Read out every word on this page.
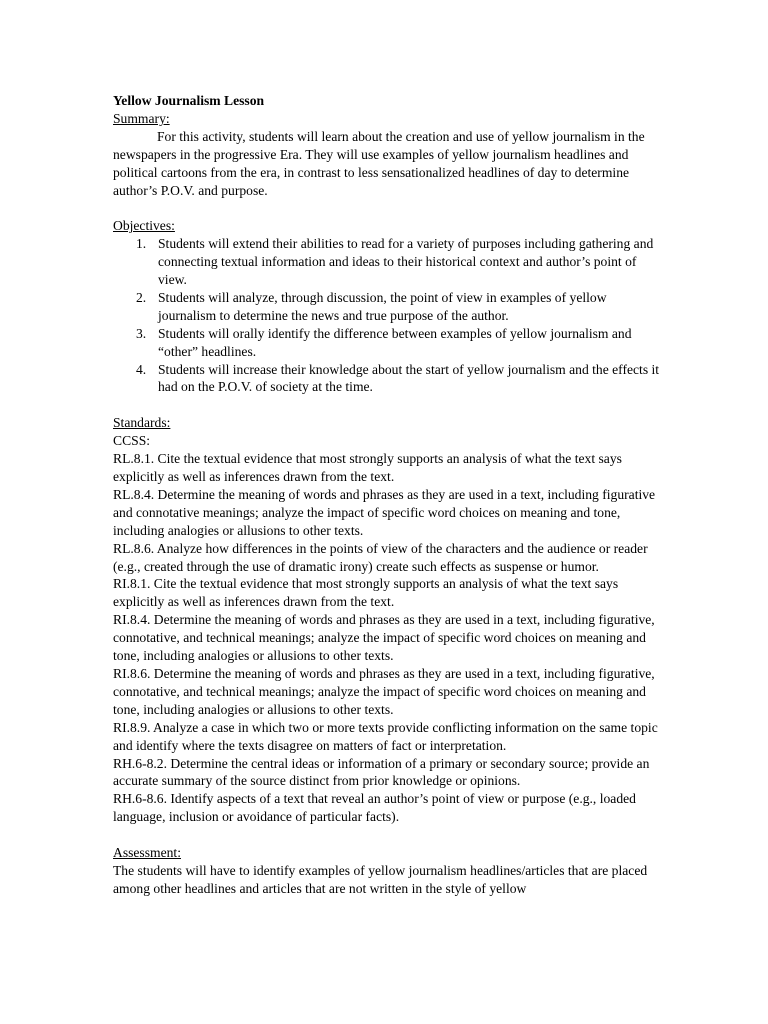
Yellow Journalism Lesson

Summary:

For this activity, students will learn about the creation and use of yellow journalism in the newspapers in the progressive Era. They will use examples of yellow journalism headlines and political cartoons from the era, in contrast to less sensationalized headlines of day to determine author’s P.O.V. and purpose.

Objectives:

1. Students will extend their abilities to read for a variety of purposes including gathering and connecting textual information and ideas to their historical context and author’s point of view.
2. Students will analyze, through discussion, the point of view in examples of yellow journalism to determine the news and true purpose of the author.
3. Students will orally identify the difference between examples of yellow journalism and “other” headlines.
4. Students will increase their knowledge about the start of yellow journalism and the effects it had on the P.O.V. of society at the time.

Standards:

CCSS:

RL.8.1. Cite the textual evidence that most strongly supports an analysis of what the text says explicitly as well as inferences drawn from the text.

RL.8.4. Determine the meaning of words and phrases as they are used in a text, including figurative and connotative meanings; analyze the impact of specific word choices on meaning and tone, including analogies or allusions to other texts.

RL.8.6. Analyze how differences in the points of view of the characters and the audience or reader (e.g., created through the use of dramatic irony) create such effects as suspense or humor.

RI.8.1. Cite the textual evidence that most strongly supports an analysis of what the text says explicitly as well as inferences drawn from the text.

RI.8.4. Determine the meaning of words and phrases as they are used in a text, including figurative, connotative, and technical meanings; analyze the impact of specific word choices on meaning and tone, including analogies or allusions to other texts.

RI.8.6. Determine the meaning of words and phrases as they are used in a text, including figurative, connotative, and technical meanings; analyze the impact of specific word choices on meaning and tone, including analogies or allusions to other texts.

RI.8.9. Analyze a case in which two or more texts provide conflicting information on the same topic and identify where the texts disagree on matters of fact or interpretation.

RH.6-8.2. Determine the central ideas or information of a primary or secondary source; provide an accurate summary of the source distinct from prior knowledge or opinions.

RH.6-8.6. Identify aspects of a text that reveal an author’s point of view or purpose (e.g., loaded language, inclusion or avoidance of particular facts).

Assessment:

The students will have to identify examples of yellow journalism headlines/articles that are placed among other headlines and articles that are not written in the style of yellow
